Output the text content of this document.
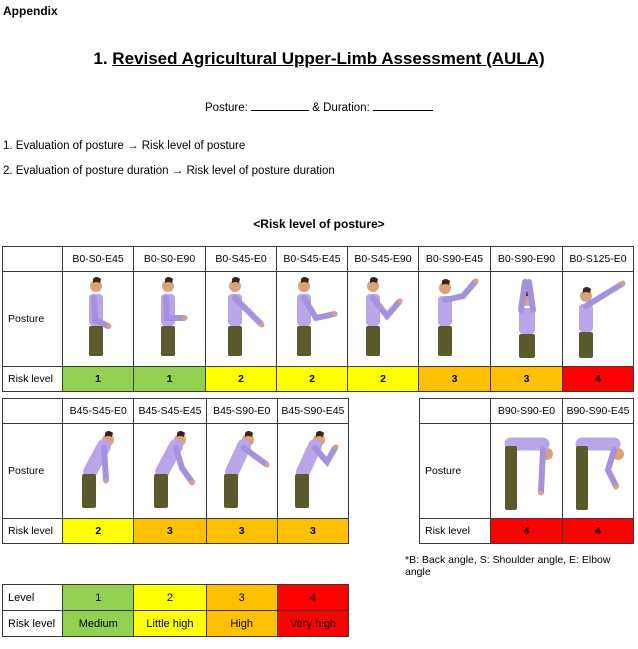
Appendix
1. Revised Agricultural Upper-Limb Assessment (AULA)
Posture:	& Duration:
1. Evaluation of posture → Risk level of posture
2. Evaluation of posture duration → Risk level of posture duration
<Risk level of posture>
	B0-S0-E45	B0-S0-E90	B0-S45-E0	B0-S45-E45	B0-S45-E90	B0-S90-E45	B0-S90-E90	B0-S125-E0
Posture	

Risk level	1	1	2	2	2	3	3	4
	B45-S45-E0	B45-S45-E45	B45-S90-E0	B45-S90-E45
Posture	

Risk level	2	3	3	3
	B90-S90-E0	B90-S90-E45
Posture	

Risk level	4	4
*B: Back angle, S: Shoulder angle, E: Elbow angle
Level	1	2	3	4
Risk level	Medium	Little high	High	Very high
